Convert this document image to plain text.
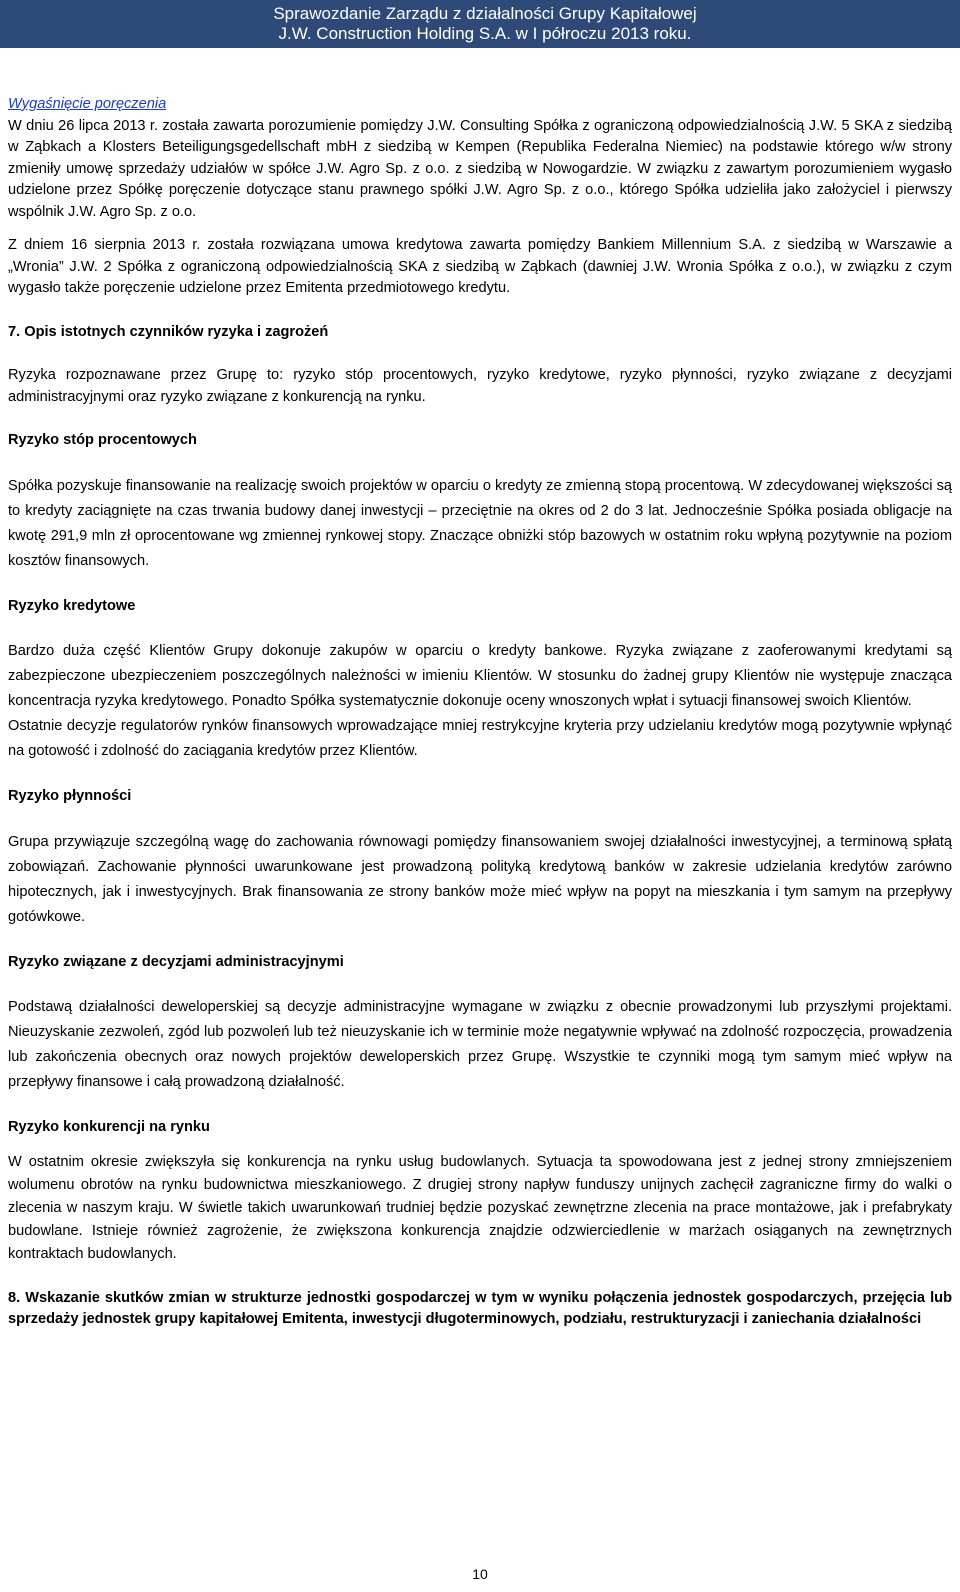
Sprawozdanie Zarządu z działalności Grupy Kapitałowej
J.W. Construction Holding S.A. w I półroczu 2013 roku.

Wygaśnięcie poręczenia

W dniu 26 lipca 2013 r. została zawarta porozumienie pomiędzy J.W. Consulting Spółka z ograniczoną odpowiedzialnością J.W. 5 SKA z siedzibą w Ząbkach a Klosters Beteiligungsgedellschaft mbH z siedzibą w Kempen (Republika Federalna Niemiec) na podstawie którego w/w strony zmieniły umowę sprzedaży udziałów w spółce J.W. Agro Sp. z o.o. z siedzibą w Nowogardzie. W związku z zawartym porozumieniem wygasło udzielone przez Spółkę poręczenie dotyczące stanu prawnego spółki J.W. Agro Sp. z o.o., którego Spółka udzieliła jako założyciel i pierwszy wspólnik J.W. Agro Sp. z o.o.

Z dniem 16 sierpnia 2013 r. została rozwiązana umowa kredytowa zawarta pomiędzy Bankiem Millennium S.A. z siedzibą w Warszawie a „Wronia” J.W. 2 Spółka z ograniczoną odpowiedzialnością SKA z siedzibą w Ząbkach (dawniej J.W. Wronia Spółka z o.o.), w związku z czym wygasło także poręczenie udzielone przez Emitenta przedmiotowego kredytu.

7. Opis istotnych czynników ryzyka i zagrożeń

Ryzyka rozpoznawane przez Grupę to: ryzyko stóp procentowych, ryzyko kredytowe, ryzyko płynności, ryzyko związane z decyzjami administracyjnymi oraz ryzyko związane z konkurencją na rynku.

Ryzyko stóp procentowych

Spółka pozyskuje finansowanie na realizację swoich projektów w oparciu o kredyty ze zmienną stopą procentową. W zdecydowanej większości są to kredyty zaciągnięte na czas trwania budowy danej inwestycji – przeciętnie na okres od 2 do 3 lat. Jednocześnie Spółka posiada obligacje na kwotę 291,9 mln zł oprocentowane wg zmiennej rynkowej stopy. Znaczące obniżki stóp bazowych w ostatnim roku wpłyną pozytywnie na poziom kosztów finansowych.

Ryzyko kredytowe

Bardzo duża część Klientów Grupy dokonuje zakupów w oparciu o kredyty bankowe. Ryzyka związane z zaoferowanymi kredytami są zabezpieczone ubezpieczeniem poszczególnych należności w imieniu Klientów. W stosunku do żadnej grupy Klientów nie występuje znacząca koncentracja ryzyka kredytowego. Ponadto Spółka systematycznie dokonuje oceny wnoszonych wpłat i sytuacji finansowej swoich Klientów.

Ostatnie decyzje regulatorów rynków finansowych wprowadzające mniej restrykcyjne kryteria przy udzielaniu kredytów mogą pozytywnie wpłynąć na gotowość i zdolność do zaciągania kredytów przez Klientów.

Ryzyko płynności

Grupa przywiązuje szczególną wagę do zachowania równowagi pomiędzy finansowaniem swojej działalności inwestycyjnej, a terminową spłatą zobowiązań. Zachowanie płynności uwarunkowane jest prowadzoną polityką kredytową banków w zakresie udzielania kredytów zarówno hipotecznych, jak i inwestycyjnych. Brak finansowania ze strony banków może mieć wpływ na popyt na mieszkania i tym samym na przepływy gotówkowe.

Ryzyko związane z decyzjami administracyjnymi

Podstawą działalności deweloperskiej są decyzje administracyjne wymagane w związku z obecnie prowadzonymi lub przyszłymi projektami. Nieuzyskanie zezwoleń, zgód lub pozwoleń lub też nieuzyskanie ich w terminie może negatywnie wpływać na zdolność rozpoczęcia, prowadzenia lub zakończenia obecnych oraz nowych projektów deweloperskich przez Grupę. Wszystkie te czynniki mogą tym samym mieć wpływ na przepływy finansowe i całą prowadzoną działalność.

Ryzyko konkurencji na rynku

W ostatnim okresie zwiększyła się konkurencja na rynku usług budowlanych. Sytuacja ta spowodowana jest z jednej strony zmniejszeniem wolumenu obrotów na rynku budownictwa mieszkaniowego. Z drugiej strony napływ funduszy unijnych zachęcił zagraniczne firmy do walki o zlecenia w naszym kraju. W świetle takich uwarunkowań trudniej będzie pozyskać zewnętrzne zlecenia na prace montażowe, jak i prefabrykaty budowlane. Istnieje również zagrożenie, że zwiększona konkurencja znajdzie odzwierciedlenie w marżach osiąganych na zewnętrznych kontraktach budowlanych.

8. Wskazanie skutków zmian w strukturze jednostki gospodarczej w tym w wyniku połączenia jednostek gospodarczych, przejęcia lub sprzedaży jednostek grupy kapitałowej Emitenta, inwestycji długoterminowych, podziału, restrukturyzacji i zaniechania działalności

10
